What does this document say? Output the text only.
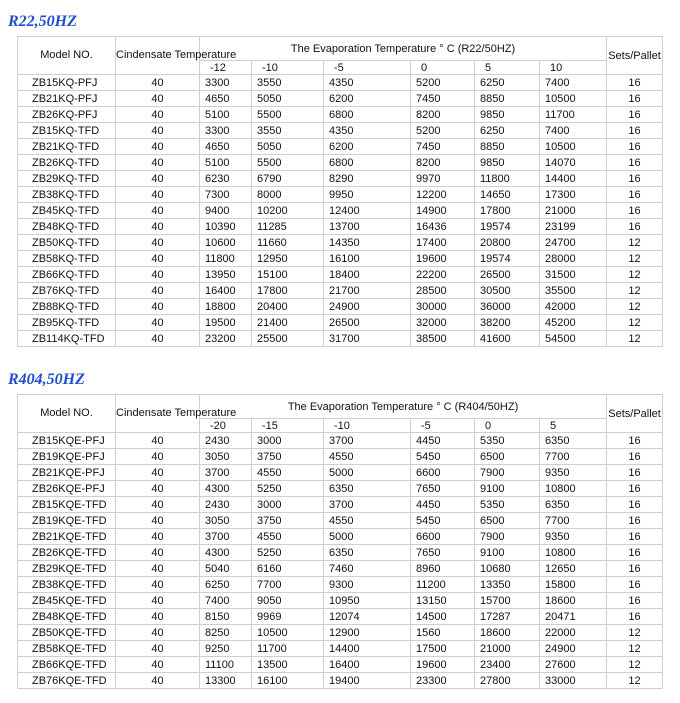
R22,50HZ
Model NO.	Cindensate Temperature	The Evaporation Temperature ° C (R22/50HZ)						Sets/Pallet
		-12	-10	-5	0	5	10	
ZB15KQ-PFJ	40	3300	3550	4350	5200	6250	7400	16
ZB21KQ-PFJ	40	4650	5050	6200	7450	8850	10500	16
ZB26KQ-PFJ	40	5100	5500	6800	8200	9850	11700	16
ZB15KQ-TFD	40	3300	3550	4350	5200	6250	7400	16
ZB21KQ-TFD	40	4650	5050	6200	7450	8850	10500	16
ZB26KQ-TFD	40	5100	5500	6800	8200	9850	14070	16
ZB29KQ-TFD	40	6230	6790	8290	9970	11800	14400	16
ZB38KQ-TFD	40	7300	8000	9950	12200	14650	17300	16
ZB45KQ-TFD	40	9400	10200	12400	14900	17800	21000	16
ZB48KQ-TFD	40	10390	11285	13700	16436	19574	23199	16
ZB50KQ-TFD	40	10600	11660	14350	17400	20800	24700	12
ZB58KQ-TFD	40	11800	12950	16100	19600	19574	28000	12
ZB66KQ-TFD	40	13950	15100	18400	22200	26500	31500	12
ZB76KQ-TFD	40	16400	17800	21700	28500	30500	35500	12
ZB88KQ-TFD	40	18800	20400	24900	30000	36000	42000	12
ZB95KQ-TFD	40	19500	21400	26500	32000	38200	45200	12
ZB114KQ-TFD	40	23200	25500	31700	38500	41600	54500	12
R404,50HZ
Model NO.	Cindensate Temperature	The Evaporation Temperature ° C (R404/50HZ)						Sets/Pallet
		-20	-15	-10	-5	0	5	
ZB15KQE-PFJ	40	2430	3000	3700	4450	5350	6350	16
ZB19KQE-PFJ	40	3050	3750	4550	5450	6500	7700	16
ZB21KQE-PFJ	40	3700	4550	5000	6600	7900	9350	16
ZB26KQE-PFJ	40	4300	5250	6350	7650	9100	10800	16
ZB15KQE-TFD	40	2430	3000	3700	4450	5350	6350	16
ZB19KQE-TFD	40	3050	3750	4550	5450	6500	7700	16
ZB21KQE-TFD	40	3700	4550	5000	6600	7900	9350	16
ZB26KQE-TFD	40	4300	5250	6350	7650	9100	10800	16
ZB29KQE-TFD	40	5040	6160	7460	8960	10680	12650	16
ZB38KQE-TFD	40	6250	7700	9300	11200	13350	15800	16
ZB45KQE-TFD	40	7400	9050	10950	13150	15700	18600	16
ZB48KQE-TFD	40	8150	9969	12074	14500	17287	20471	16
ZB50KQE-TFD	40	8250	10500	12900	1560	18600	22000	12
ZB58KQE-TFD	40	9250	11700	14400	17500	21000	24900	12
ZB66KQE-TFD	40	11100	13500	16400	19600	23400	27600	12
ZB76KQE-TFD	40	13300	16100	19400	23300	27800	33000	12
